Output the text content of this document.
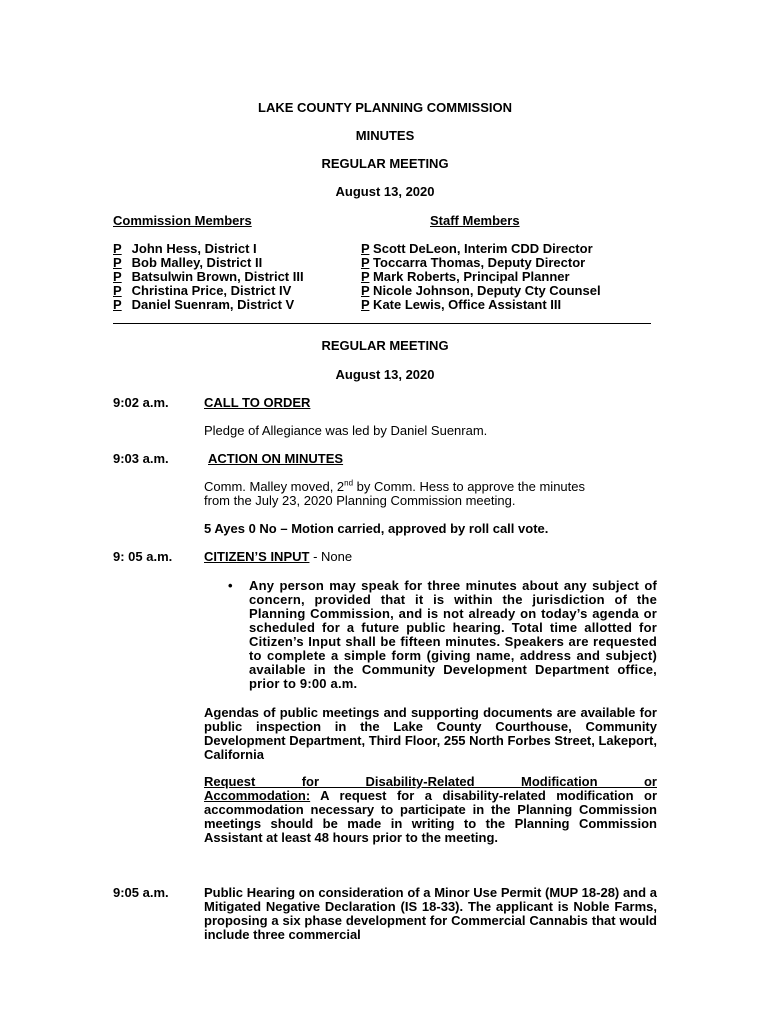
LAKE COUNTY PLANNING COMMISSION
MINUTES
REGULAR MEETING
August 13, 2020
Commission Members
P John Hess, District I
P Bob Malley, District II
P Batsulwin Brown, District III
P Christina Price, District IV
P Daniel Suenram, District V
Staff Members
P Scott DeLeon, Interim CDD Director
P Toccarra Thomas, Deputy Director
P Mark Roberts, Principal Planner
P Nicole Johnson, Deputy Cty Counsel
P Kate Lewis, Office Assistant III
REGULAR MEETING
August 13, 2020
9:02 a.m.	CALL TO ORDER
Pledge of Allegiance was led by Daniel Suenram.
9:03 a.m.	ACTION ON MINUTES
Comm. Malley moved, 2nd by Comm. Hess to approve the minutes
from the July 23, 2020 Planning Commission meeting.
5 Ayes 0 No – Motion carried, approved by roll call vote.
9: 05 a.m. CITIZEN’S INPUT - None
• Any person may speak for three minutes about any subject of concern, provided that it is within the jurisdiction of the Planning Commission, and is not already on today’s agenda or scheduled for a future public hearing. Total time allotted for Citizen’s Input shall be fifteen minutes. Speakers are requested to complete a simple form (giving name, address and subject) available in the Community Development Department office, prior to 9:00 a.m.
Agendas of public meetings and supporting documents are available for public inspection in the Lake County Courthouse, Community Development Department, Third Floor, 255 North Forbes Street, Lakeport, California
Request for Disability-Related Modification or Accommodation: A request for a disability-related modification or accommodation necessary to participate in the Planning Commission meetings should be made in writing to the Planning Commission Assistant at least 48 hours prior to the meeting.
9:05 a.m.	Public Hearing on consideration of a Minor Use Permit (MUP 18-28) and a Mitigated Negative Declaration (IS 18-33). The applicant is Noble Farms, proposing a six phase development for Commercial Cannabis that would include three commercial
